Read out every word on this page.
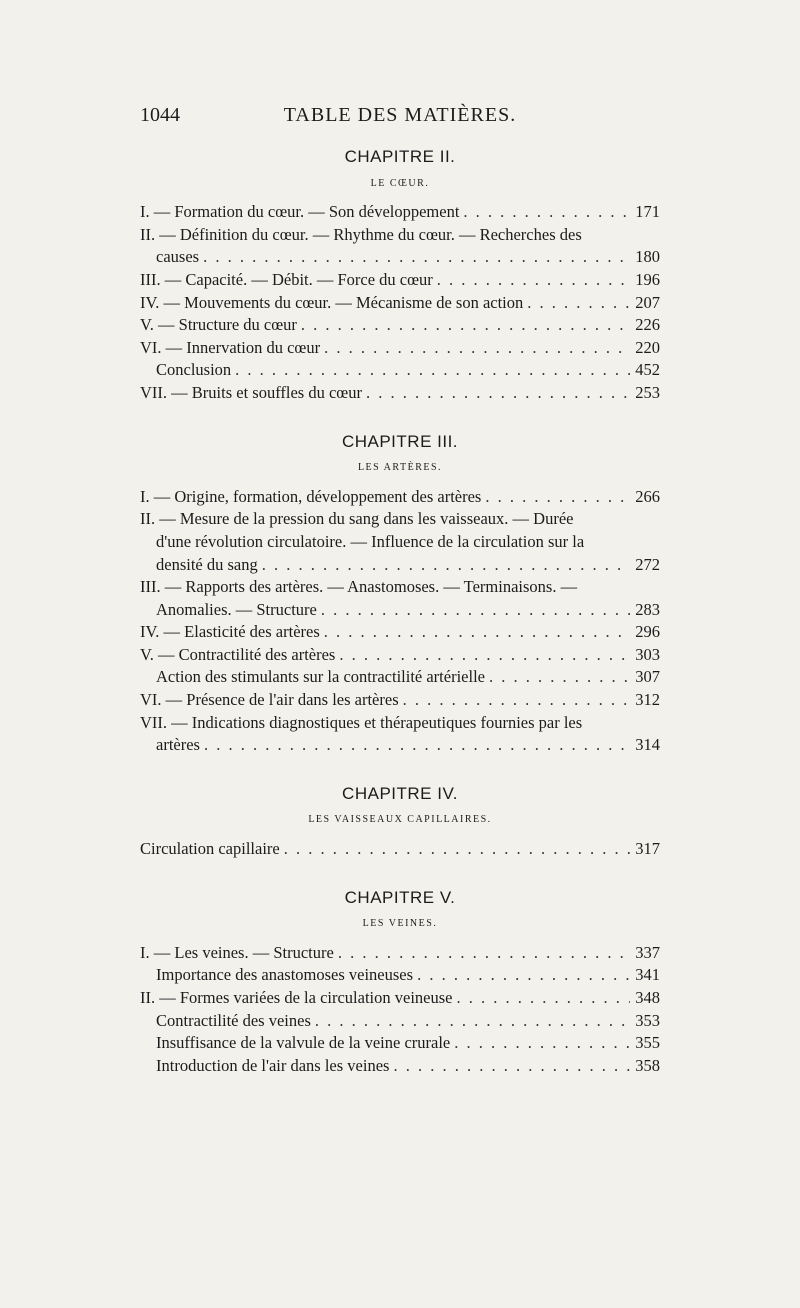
1044	TABLE DES MATIÈRES.
CHAPITRE II.
LE CŒUR.
I. — Formation du cœur. — Son développement . . .	171
II. — Définition du cœur. — Rhythme du cœur. — Recherches des
causes . . .	180
III. — Capacité. — Débit. — Force du cœur . . .	196
IV. — Mouvements du cœur. — Mécanisme de son action . . .	207
V. — Structure du cœur . . .	226
VI. — Innervation du cœur . . .	220
Conclusion . . .	452
VII. — Bruits et souffles du cœur . . .	253
CHAPITRE III.
LES ARTÈRES.
I. — Origine, formation, développement des artères . . .	266
II. — Mesure de la pression du sang dans les vaisseaux. — Durée
d'une révolution circulatoire. — Influence de la circulation sur la
densité du sang . . .	272
III. — Rapports des artères. — Anastomoses. — Terminaisons. —
Anomalies. — Structure . . .	283
IV. — Elasticité des artères . . .	296
V. — Contractilité des artères . . .	303
Action des stimulants sur la contractilité artérielle . . .	307
VI. — Présence de l'air dans les artères . . .	312
VII. — Indications diagnostiques et thérapeutiques fournies par les
artères . . .	314
CHAPITRE IV.
LES VAISSEAUX CAPILLAIRES.
Circulation capillaire . . .	317
CHAPITRE V.
LES VEINES.
I. — Les veines. — Structure . . .	337
Importance des anastomoses veineuses . . .	341
II. — Formes variées de la circulation veineuse . . .	348
Contractilité des veines . . .	353
Insuffisance de la valvule de la veine crurale . . .	355
Introduction de l'air dans les veines . . .	358
